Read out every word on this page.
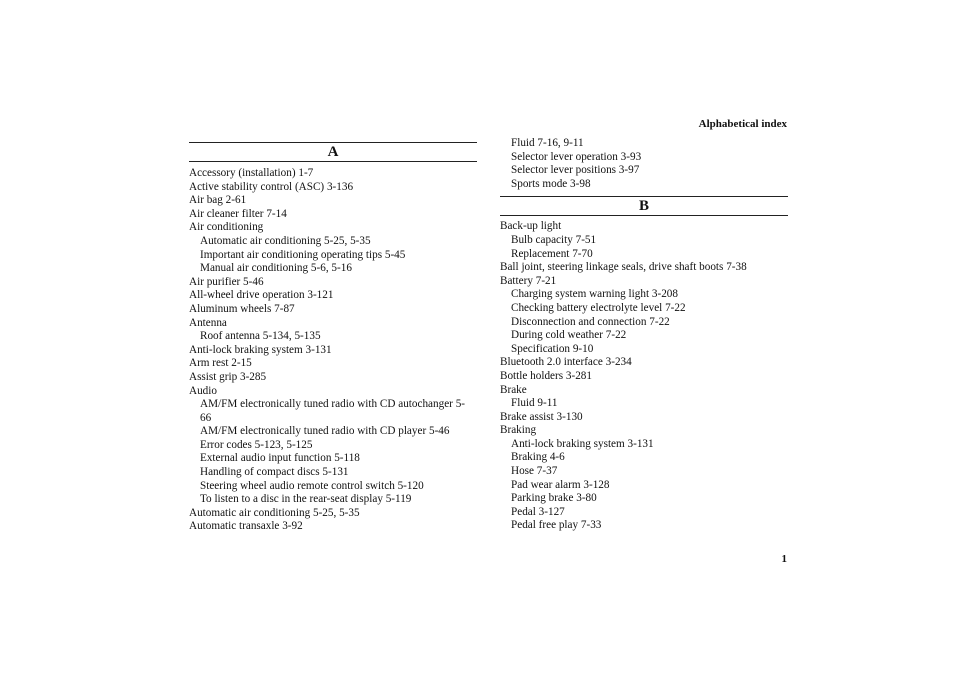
Alphabetical index
A
Accessory (installation) 1-7
Active stability control (ASC) 3-136
Air bag 2-61
Air cleaner filter 7-14
Air conditioning
Automatic air conditioning 5-25, 5-35
Important air conditioning operating tips 5-45
Manual air conditioning 5-6, 5-16
Air purifier 5-46
All-wheel drive operation 3-121
Aluminum wheels 7-87
Antenna
Roof antenna 5-134, 5-135
Anti-lock braking system 3-131
Arm rest 2-15
Assist grip 3-285
Audio
AM/FM electronically tuned radio with CD autochanger 5-
66
AM/FM electronically tuned radio with CD player 5-46
Error codes 5-123, 5-125
External audio input function 5-118
Handling of compact discs 5-131
Steering wheel audio remote control switch 5-120
To listen to a disc in the rear-seat display 5-119
Automatic air conditioning 5-25, 5-35
Automatic transaxle 3-92
Fluid 7-16, 9-11
Selector lever operation 3-93
Selector lever positions 3-97
Sports mode 3-98
B
Back-up light
Bulb capacity 7-51
Replacement 7-70
Ball joint, steering linkage seals, drive shaft boots 7-38
Battery 7-21
Charging system warning light 3-208
Checking battery electrolyte level 7-22
Disconnection and connection 7-22
During cold weather 7-22
Specification 9-10
Bluetooth 2.0 interface 3-234
Bottle holders 3-281
Brake
Fluid 9-11
Brake assist 3-130
Braking
Anti-lock braking system 3-131
Braking 4-6
Hose 7-37
Pad wear alarm 3-128
Parking brake 3-80
Pedal 3-127
Pedal free play 7-33
1
